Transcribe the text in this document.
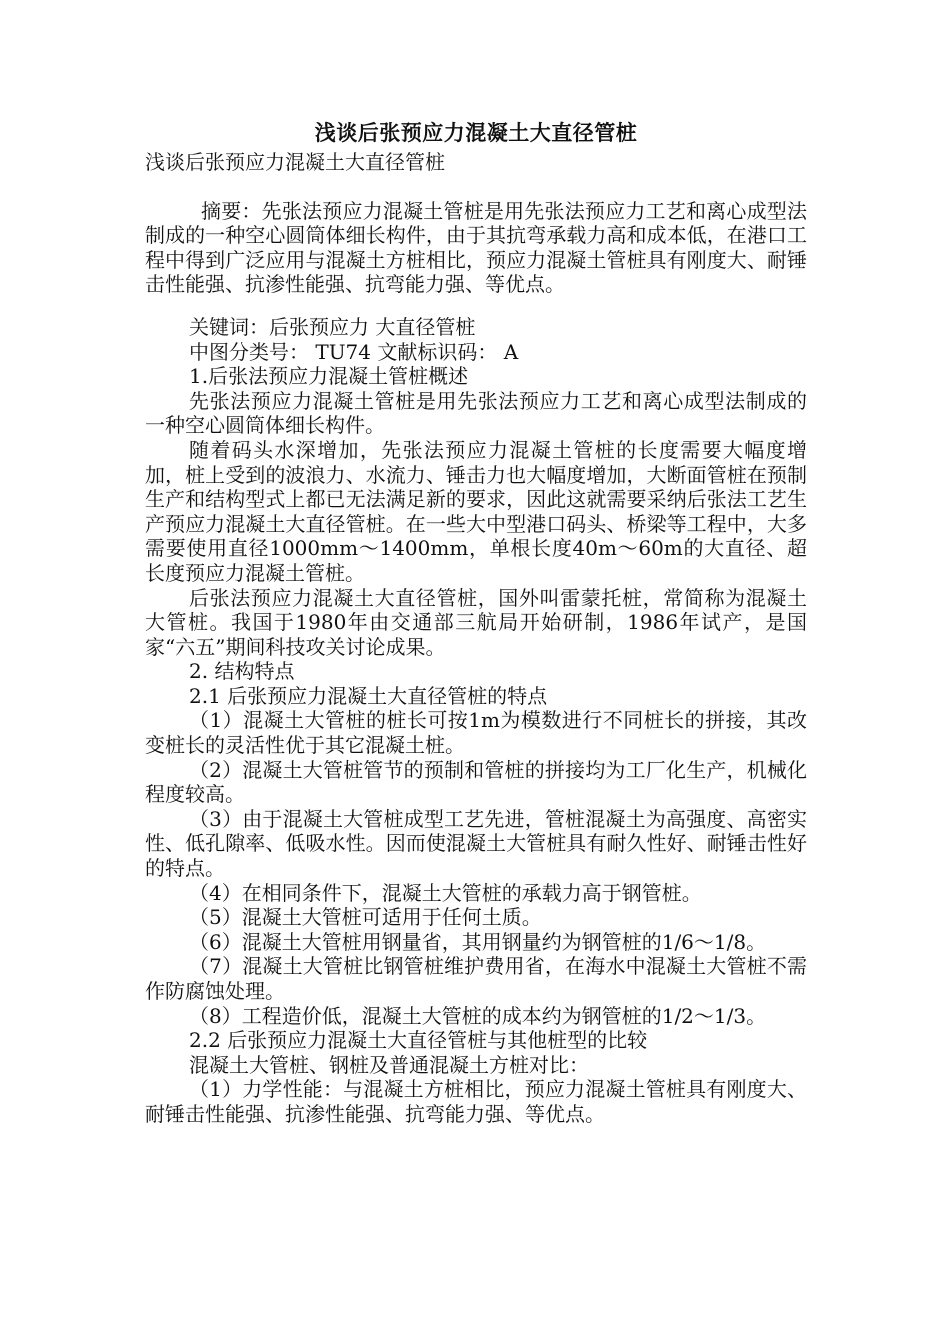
浅谈后张预应力混凝土大直径管桩

浅谈后张预应力混凝土大直径管桩

摘要：先张法预应力混凝土管桩是用先张法预应力工艺和离心成型法制成的一种空心圆筒体细长构件，由于其抗弯承载力高和成本低，在港口工程中得到广泛应用与混凝土方桩相比，预应力混凝土管桩具有刚度大、耐锤击性能强、抗渗性能强、抗弯能力强、等优点。

关键词：后张预应力 大直径管桩

中图分类号： TU74 文献标识码： A

1.后张法预应力混凝土管桩概述

先张法预应力混凝土管桩是用先张法预应力工艺和离心成型法制成的一种空心圆筒体细长构件。

随着码头水深增加，先张法预应力混凝土管桩的长度需要大幅度增加，桩上受到的波浪力、水流力、锤击力也大幅度增加，大断面管桩在预制生产和结构型式上都已无法满足新的要求，因此这就需要采纳后张法工艺生产预应力混凝土大直径管桩。在一些大中型港口码头、桥梁等工程中，大多需要使用直径1000mm～1400mm，单根长度40m～60m的大直径、超长度预应力混凝土管桩。

后张法预应力混凝土大直径管桩，国外叫雷蒙托桩，常简称为混凝土大管桩。我国于1980年由交通部三航局开始研制，1986年试产，是国家“六五”期间科技攻关讨论成果。

2. 结构特点

2.1 后张预应力混凝土大直径管桩的特点

（1）混凝土大管桩的桩长可按1m为模数进行不同桩长的拼接，其改变桩长的灵活性优于其它混凝土桩。

（2）混凝土大管桩管节的预制和管桩的拼接均为工厂化生产，机械化程度较高。

（3）由于混凝土大管桩成型工艺先进，管桩混凝土为高强度、高密实性、低孔隙率、低吸水性。因而使混凝土大管桩具有耐久性好、耐锤击性好的特点。

（4）在相同条件下，混凝土大管桩的承载力高于钢管桩。

（5）混凝土大管桩可适用于任何土质。

（6）混凝土大管桩用钢量省，其用钢量约为钢管桩的1/6～1/8。

（7）混凝土大管桩比钢管桩维护费用省，在海水中混凝土大管桩不需作防腐蚀处理。

（8）工程造价低，混凝土大管桩的成本约为钢管桩的1/2～1/3。

2.2 后张预应力混凝土大直径管桩与其他桩型的比较

混凝土大管桩、钢桩及普通混凝土方桩对比：

（1）力学性能：与混凝土方桩相比，预应力混凝土管桩具有刚度大、耐锤击性能强、抗渗性能强、抗弯能力强、等优点。
